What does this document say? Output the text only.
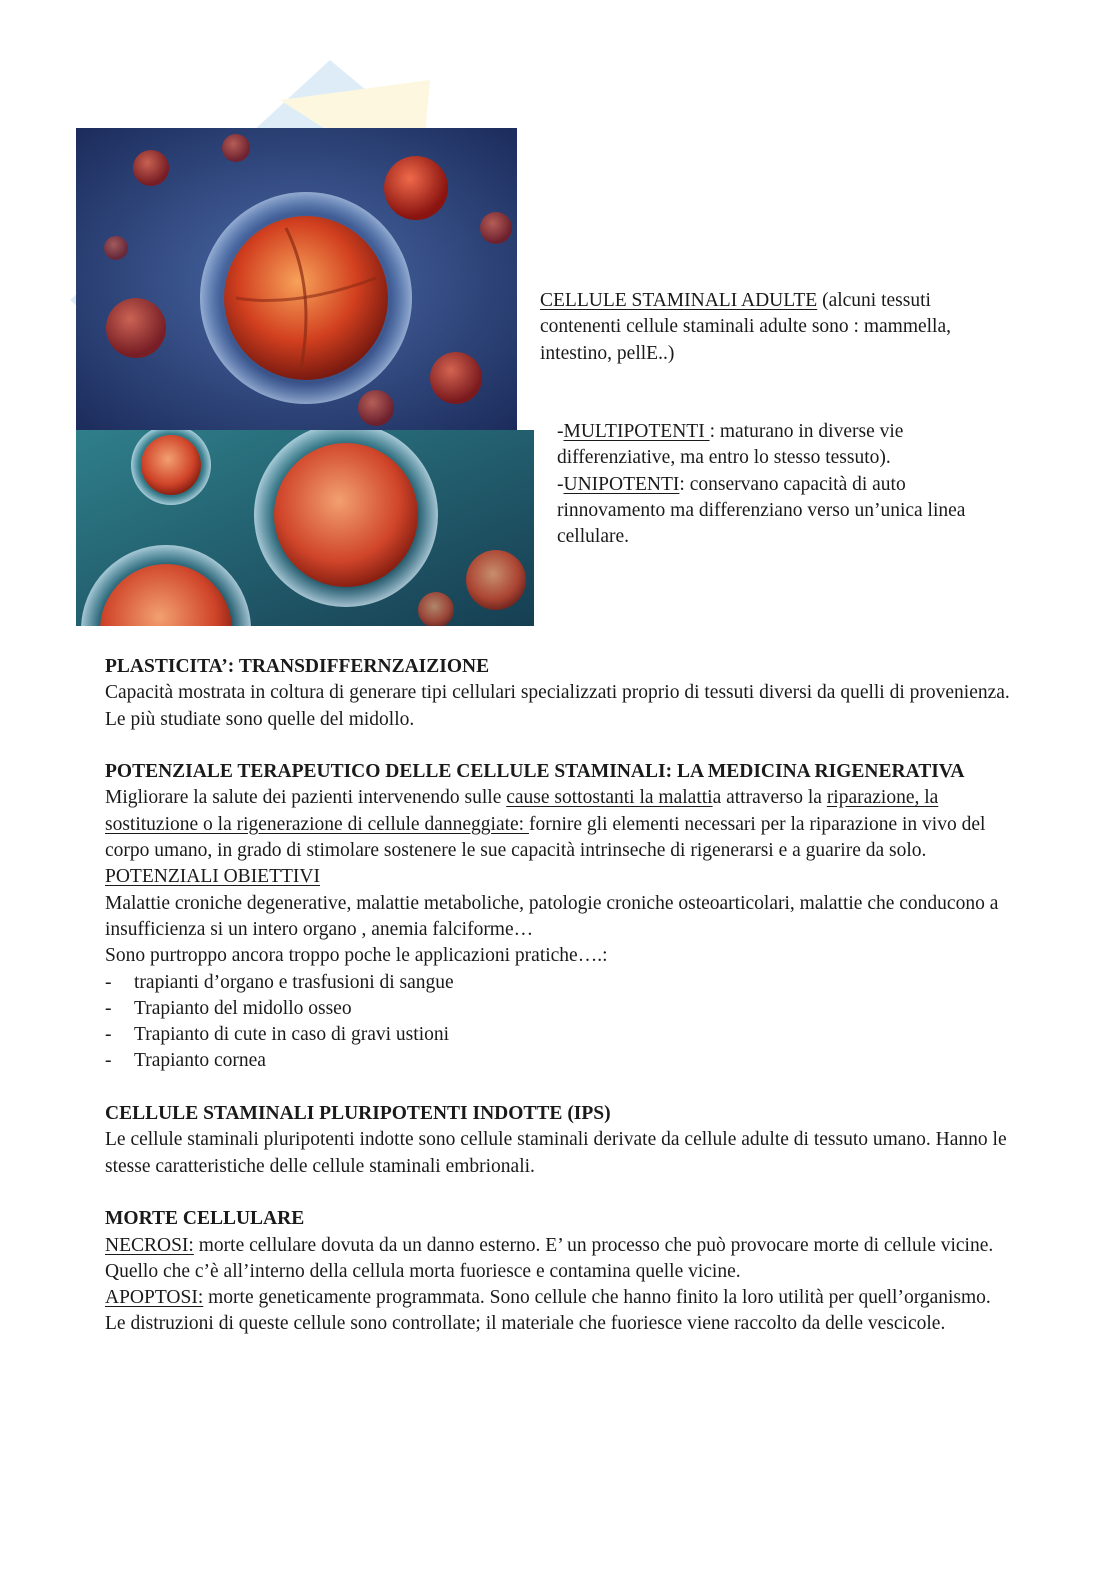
CELLULE STAMINALI ADULTE (alcuni tessuti contenenti cellule staminali adulte sono : mammella, intestino, pellE..)
-MULTIPOTENTI : maturano in diverse vie differenziative, ma entro lo stesso tessuto).
-UNIPOTENTI: conservano capacità di auto rinnovamento ma differenziano verso un’unica linea cellulare.
PLASTICITA’: TRANSDIFFERNZAIZIONE

Capacità mostrata in coltura di generare tipi cellulari specializzati proprio di tessuti diversi da quelli di provenienza.

Le più studiate sono quelle del midollo.

POTENZIALE TERAPEUTICO DELLE CELLULE STAMINALI: LA MEDICINA RIGENERATIVA

Migliorare la salute dei pazienti intervenendo sulle cause sottostanti la malattia attraverso la riparazione, la sostituzione o la rigenerazione di cellule danneggiate: fornire gli elementi necessari per la riparazione in vivo del corpo umano, in grado di stimolare sostenere le sue capacità intrinseche di rigenerarsi e a guarire da solo.

POTENZIALI OBIETTIVI

Malattie croniche degenerative, malattie metaboliche, patologie croniche osteoarticolari, malattie che conducono a insufficienza si un intero organo , anemia falciforme…

Sono purtroppo ancora troppo poche le applicazioni pratiche….:

-	trapianti d’organo e trasfusioni di sangue
-	Trapianto del midollo osseo
-	Trapianto di cute in caso di gravi ustioni
-	Trapianto cornea
CELLULE STAMINALI PLURIPOTENTI INDOTTE (IPS)

Le cellule staminali pluripotenti indotte sono cellule staminali derivate da cellule adulte di tessuto umano. Hanno le stesse caratteristiche delle cellule staminali embrionali.

MORTE CELLULARE

NECROSI: morte cellulare dovuta da un danno esterno. E’ un processo che può provocare morte di cellule vicine. Quello che c’è all’interno della cellula morta fuoriesce e contamina quelle vicine.

APOPTOSI: morte geneticamente programmata. Sono cellule che hanno finito la loro utilità per quell’organismo. Le distruzioni di queste cellule sono controllate; il materiale che fuoriesce viene raccolto da delle vescicole.
